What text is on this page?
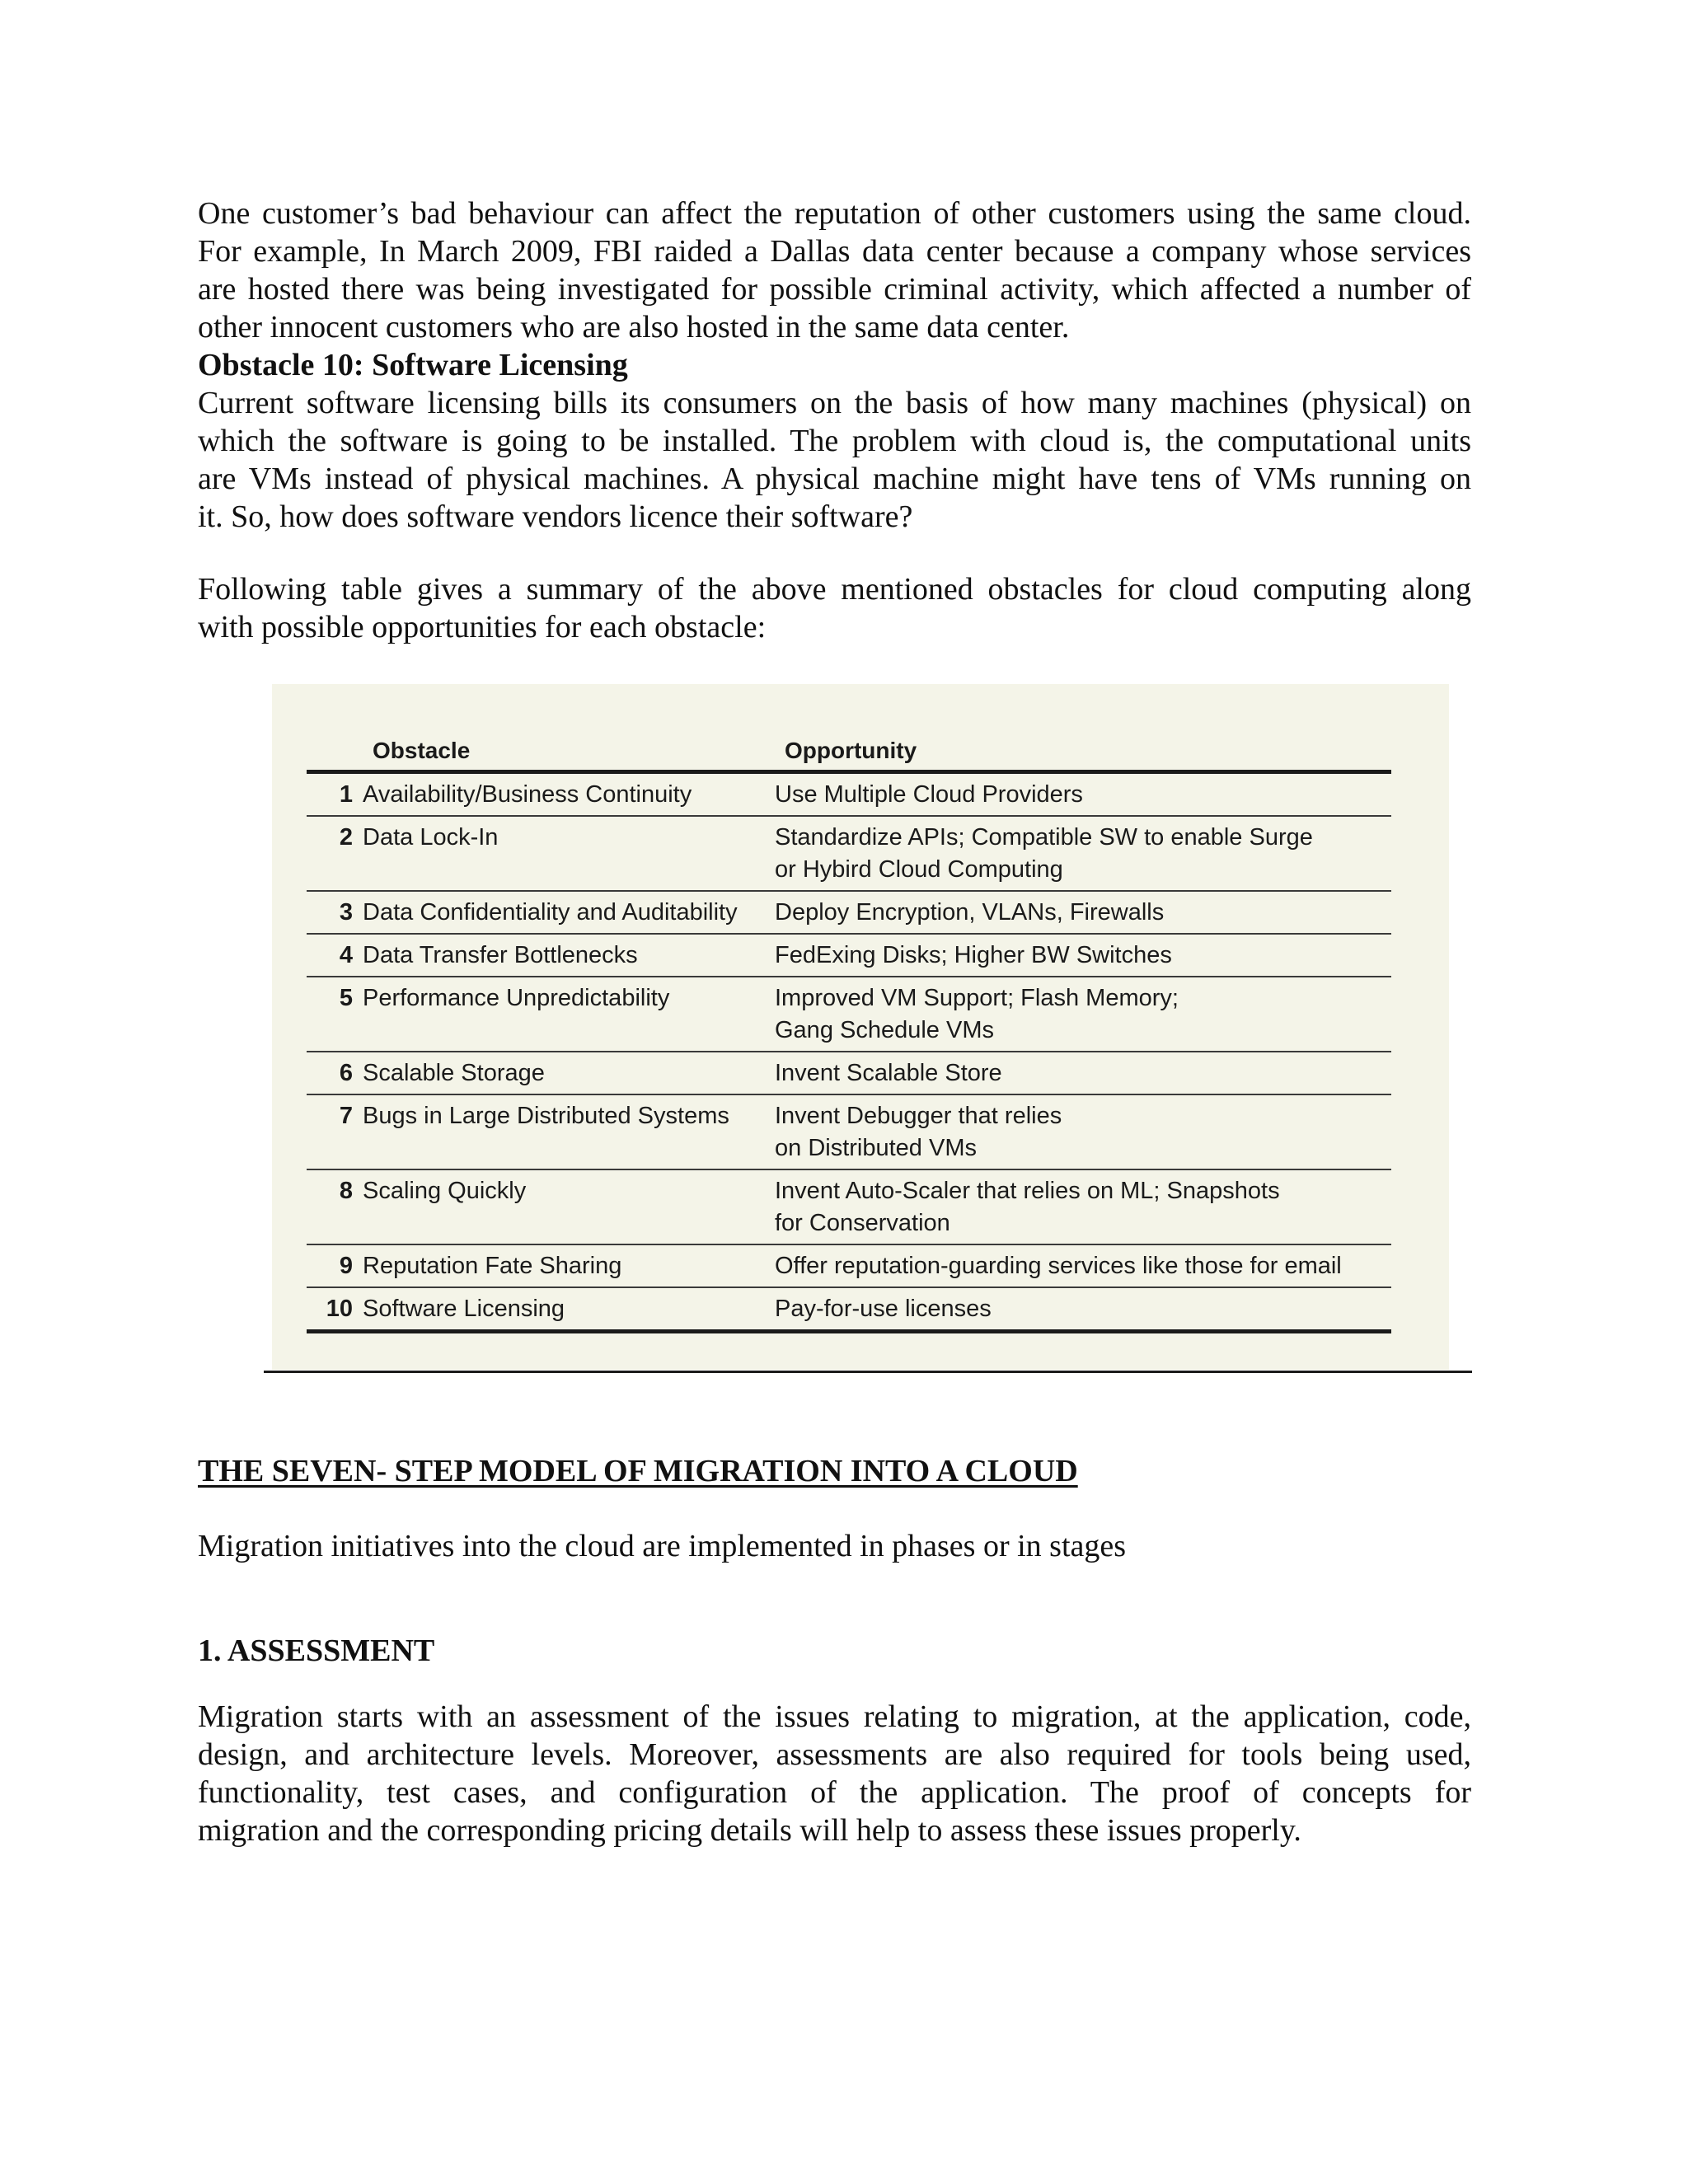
One customer’s bad behaviour can affect the reputation of other customers using the same cloud.
For example, In March 2009, FBI raided a Dallas data center because a company whose services
are hosted there was being investigated for possible criminal activity, which affected a number of
other innocent customers who are also hosted in the same data center.

Obstacle 10: Software Licensing
Current software licensing bills its consumers on the basis of how many machines (physical) on
which the software is going to be installed. The problem with cloud is, the computational units
are VMs instead of physical machines. A physical machine might have tens of VMs running on
it. So, how does software vendors licence their software?

Following table gives a summary of the above mentioned obstacles for cloud computing along
with possible opportunities for each obstacle:

Obstacle	Opportunity
1 Availability/Business Continuity	Use Multiple Cloud Providers
2 Data Lock-In	Standardize APIs; Compatible SW to enable Surge
or Hybird Cloud Computing
3 Data Confidentiality and Auditability	Deploy Encryption, VLANs, Firewalls
4 Data Transfer Bottlenecks	FedExing Disks; Higher BW Switches
5 Performance Unpredictability	Improved VM Support; Flash Memory;
Gang Schedule VMs
6 Scalable Storage	Invent Scalable Store
7 Bugs in Large Distributed Systems	Invent Debugger that relies
on Distributed VMs
8 Scaling Quickly	Invent Auto-Scaler that relies on ML; Snapshots
for Conservation
9 Reputation Fate Sharing	Offer reputation-guarding services like those for email
10 Software Licensing	Pay-for-use licenses

THE SEVEN- STEP MODEL OF MIGRATION INTO A CLOUD

Migration initiatives into the cloud are implemented in phases or in stages

1. ASSESSMENT

Migration starts with an assessment of the issues relating to migration, at the application, code,
design, and architecture levels. Moreover, assessments are also required for tools being used,
functionality, test cases, and configuration of the application. The proof of concepts for
migration and the corresponding pricing details will help to assess these issues properly.
